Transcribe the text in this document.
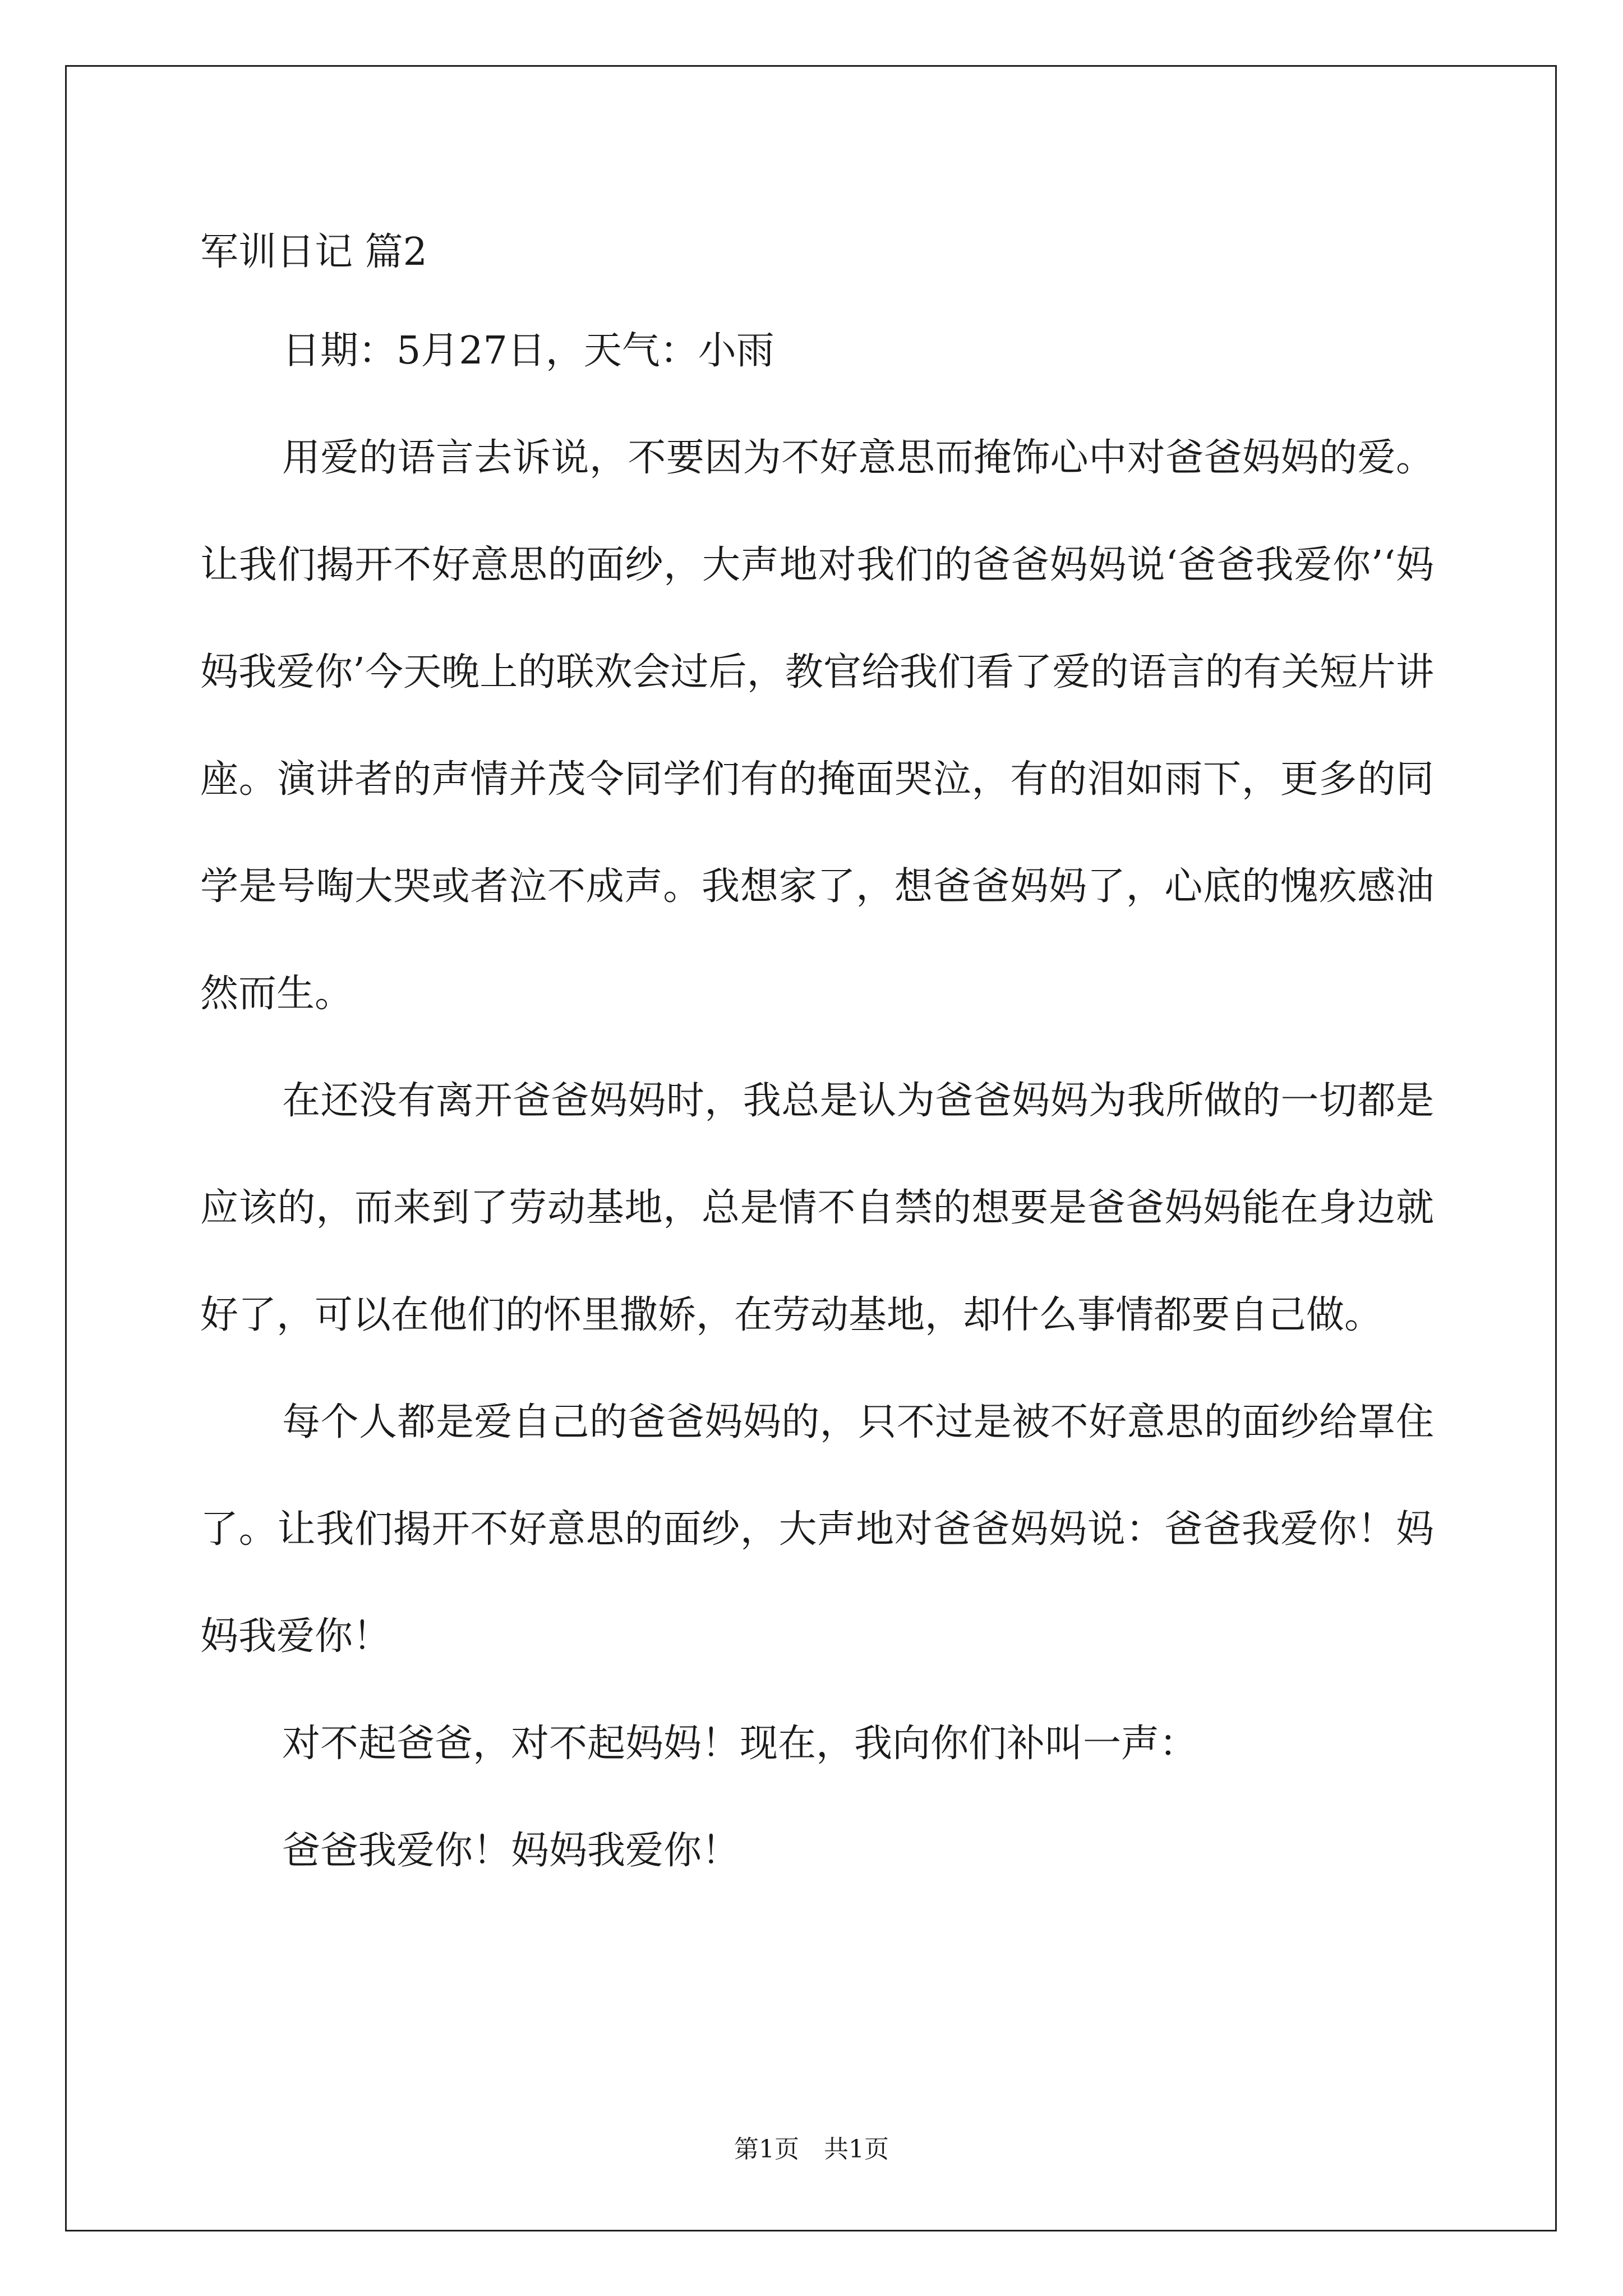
军训日记 篇2

日期：5月27日，天气：小雨

用爱的语言去诉说，不要因为不好意思而掩饰心中对爸爸妈妈的爱。让我们揭开不好意思的面纱，大声地对我们的爸爸妈妈说‘爸爸我爱你’‘妈妈我爱你’今天晚上的联欢会过后，教官给我们看了爱的语言的有关短片讲座。演讲者的声情并茂令同学们有的掩面哭泣，有的泪如雨下，更多的同学是号啕大哭或者泣不成声。我想家了，想爸爸妈妈了，心底的愧疚感油然而生。

在还没有离开爸爸妈妈时，我总是认为爸爸妈妈为我所做的一切都是应该的，而来到了劳动基地，总是情不自禁的想要是爸爸妈妈能在身边就好了，可以在他们的怀里撒娇，在劳动基地，却什么事情都要自己做。

每个人都是爱自己的爸爸妈妈的，只不过是被不好意思的面纱给罩住了。让我们揭开不好意思的面纱，大声地对爸爸妈妈说：爸爸我爱你！妈妈我爱你！

对不起爸爸，对不起妈妈！现在，我向你们补叫一声：

爸爸我爱你！妈妈我爱你！

第1页　共1页
